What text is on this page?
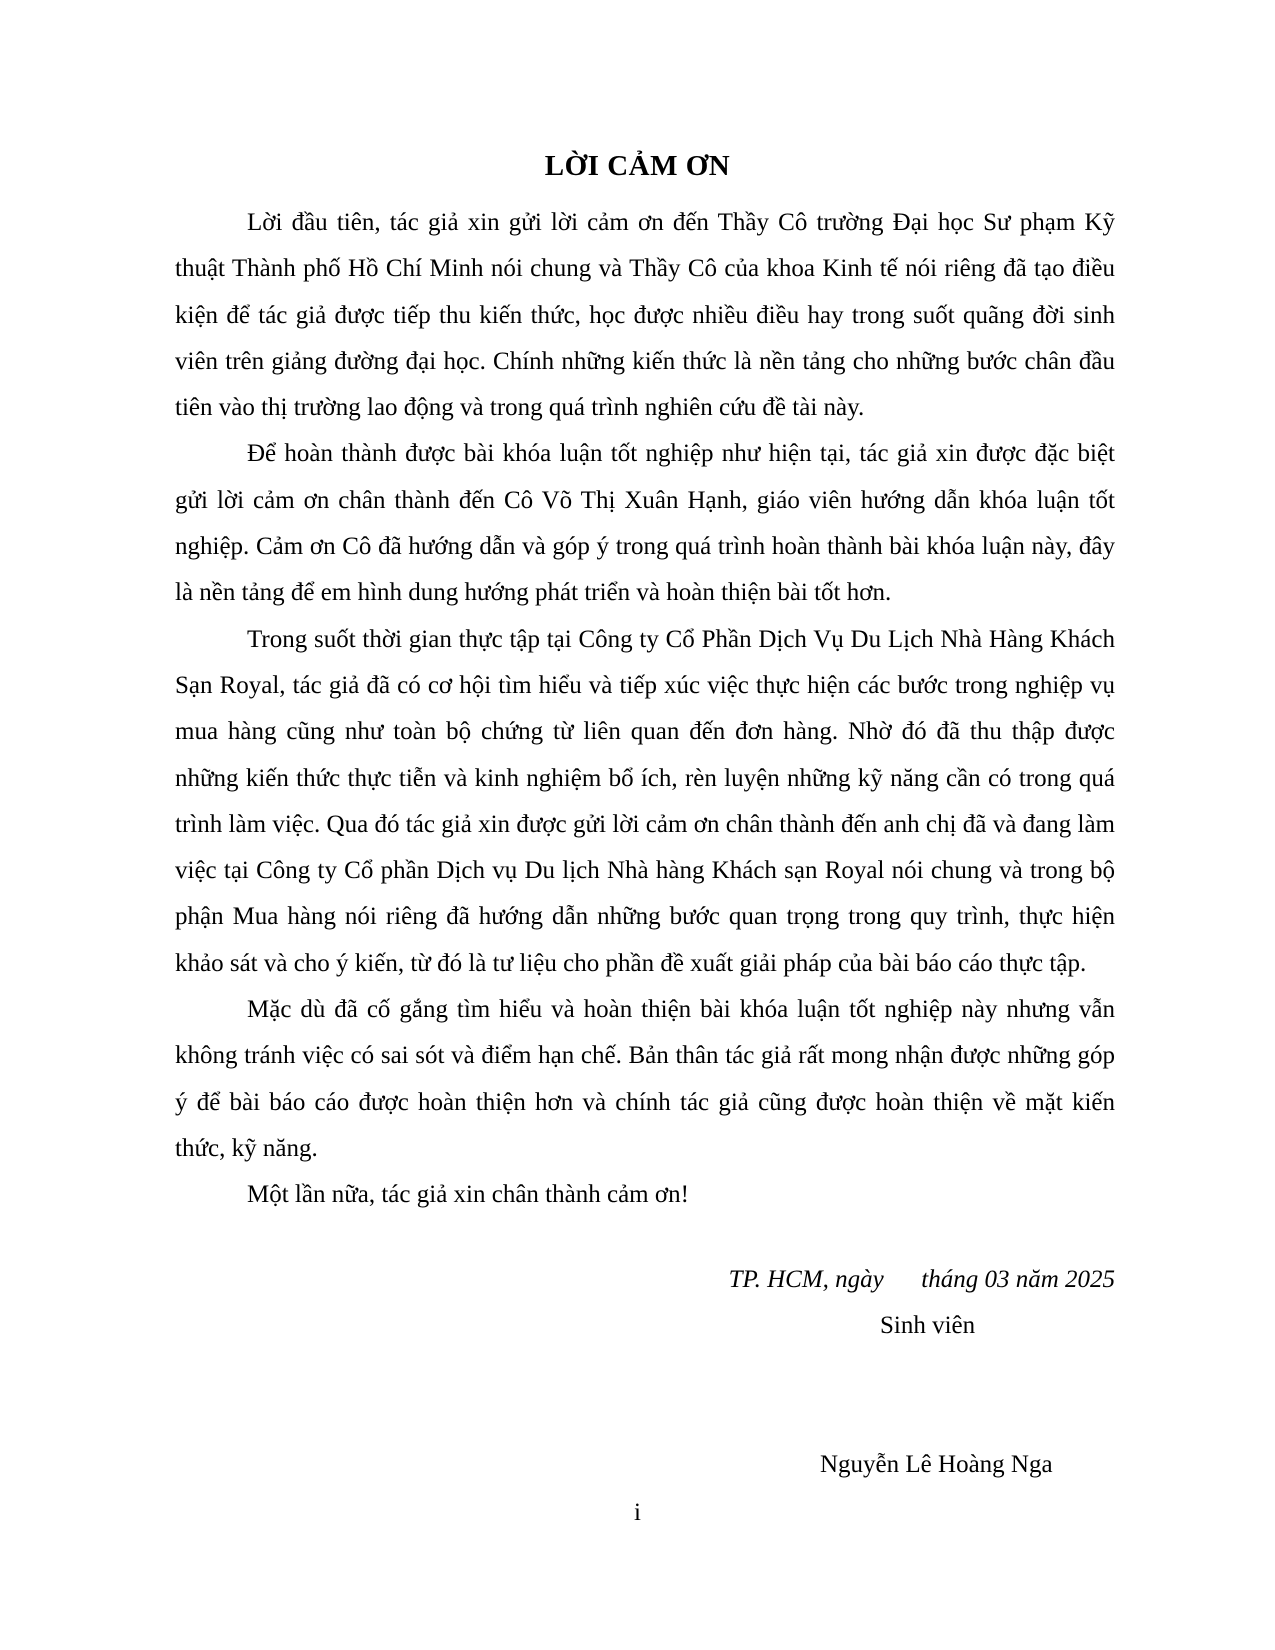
LỜI CẢM ƠN

Lời đầu tiên, tác giả xin gửi lời cảm ơn đến Thầy Cô trường Đại học Sư phạm Kỹ thuật Thành phố Hồ Chí Minh nói chung và Thầy Cô của khoa Kinh tế nói riêng đã tạo điều kiện để tác giả được tiếp thu kiến thức, học được nhiều điều hay trong suốt quãng đời sinh viên trên giảng đường đại học. Chính những kiến thức là nền tảng cho những bước chân đầu tiên vào thị trường lao động và trong quá trình nghiên cứu đề tài này.

Để hoàn thành được bài khóa luận tốt nghiệp như hiện tại, tác giả xin được đặc biệt gửi lời cảm ơn chân thành đến Cô Võ Thị Xuân Hạnh, giáo viên hướng dẫn khóa luận tốt nghiệp. Cảm ơn Cô đã hướng dẫn và góp ý trong quá trình hoàn thành bài khóa luận này, đây là nền tảng để em hình dung hướng phát triển và hoàn thiện bài tốt hơn.

Trong suốt thời gian thực tập tại Công ty Cổ Phần Dịch Vụ Du Lịch Nhà Hàng Khách Sạn Royal, tác giả đã có cơ hội tìm hiểu và tiếp xúc việc thực hiện các bước trong nghiệp vụ mua hàng cũng như toàn bộ chứng từ liên quan đến đơn hàng. Nhờ đó đã thu thập được những kiến thức thực tiễn và kinh nghiệm bổ ích, rèn luyện những kỹ năng cần có trong quá trình làm việc. Qua đó tác giả xin được gửi lời cảm ơn chân thành đến anh chị đã và đang làm việc tại Công ty Cổ phần Dịch vụ Du lịch Nhà hàng Khách sạn Royal nói chung và trong bộ phận Mua hàng nói riêng đã hướng dẫn những bước quan trọng trong quy trình, thực hiện khảo sát và cho ý kiến, từ đó là tư liệu cho phần đề xuất giải pháp của bài báo cáo thực tập.

Mặc dù đã cố gắng tìm hiểu và hoàn thiện bài khóa luận tốt nghiệp này nhưng vẫn không tránh việc có sai sót và điểm hạn chế. Bản thân tác giả rất mong nhận được những góp ý để bài báo cáo được hoàn thiện hơn và chính tác giả cũng được hoàn thiện về mặt kiến thức, kỹ năng.

Một lần nữa, tác giả xin chân thành cảm ơn!

TP. HCM, ngày      tháng 03 năm 2025
Sinh viên
Nguyễn Lê Hoàng Nga
i
